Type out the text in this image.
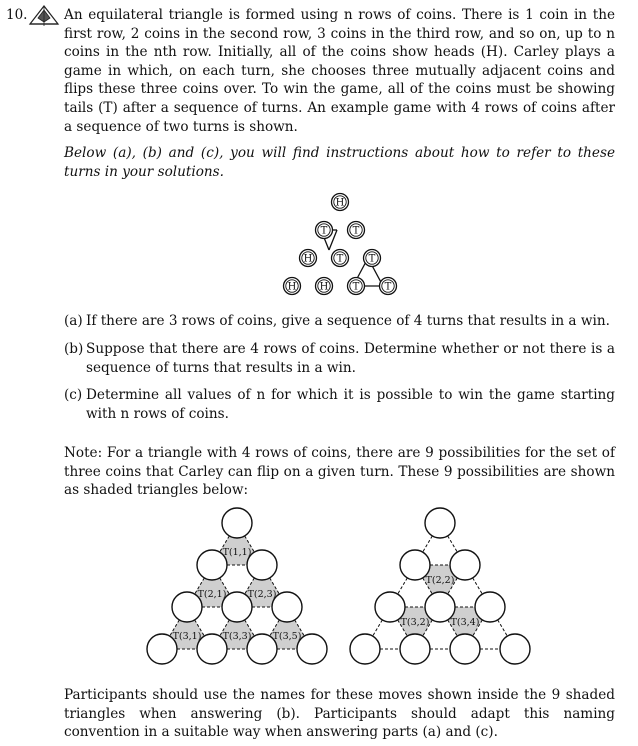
10.	An equilateral triangle is formed using n rows of coins. There is 1 coin in the first row, 2 coins in the second row, 3 coins in the third row, and so on, up to n coins in the nth row. Initially, all of the coins show heads (H). Carley plays a game in which, on each turn, she chooses three mutually adjacent coins and flips these three coins over. To win the game, all of the coins must be showing tails (T) after a sequence of turns. An example game with 4 rows of coins after a sequence of two turns is shown.

Below (a), (b) and (c), you will find instructions about how to refer to these turns in your solutions.

H
T	T
H T	T
H H T	T
(a) If there are 3 rows of coins, give a sequence of 4 turns that results in a win.
(b) Suppose that there are 4 rows of coins. Determine whether or not there is a sequence of turns that results in a win.
(c) Determine all values of n for which it is possible to win the game starting with n rows of coins.

Note: For a triangle with 4 rows of coins, there are 9 possibilities for the set of three coins that Carley can flip on a given turn. These 9 possibilities are shown as shaded triangles below:

T(1,1)
T(2,1) T(2,3)
T(3,1) T(3,3) T(3,5)
T(2,2)
T(3,2) T(3,4)

Participants should use the names for these moves shown inside the 9 shaded triangles when answering (b). Participants should adapt this naming convention in a suitable way when answering parts (a) and (c).
